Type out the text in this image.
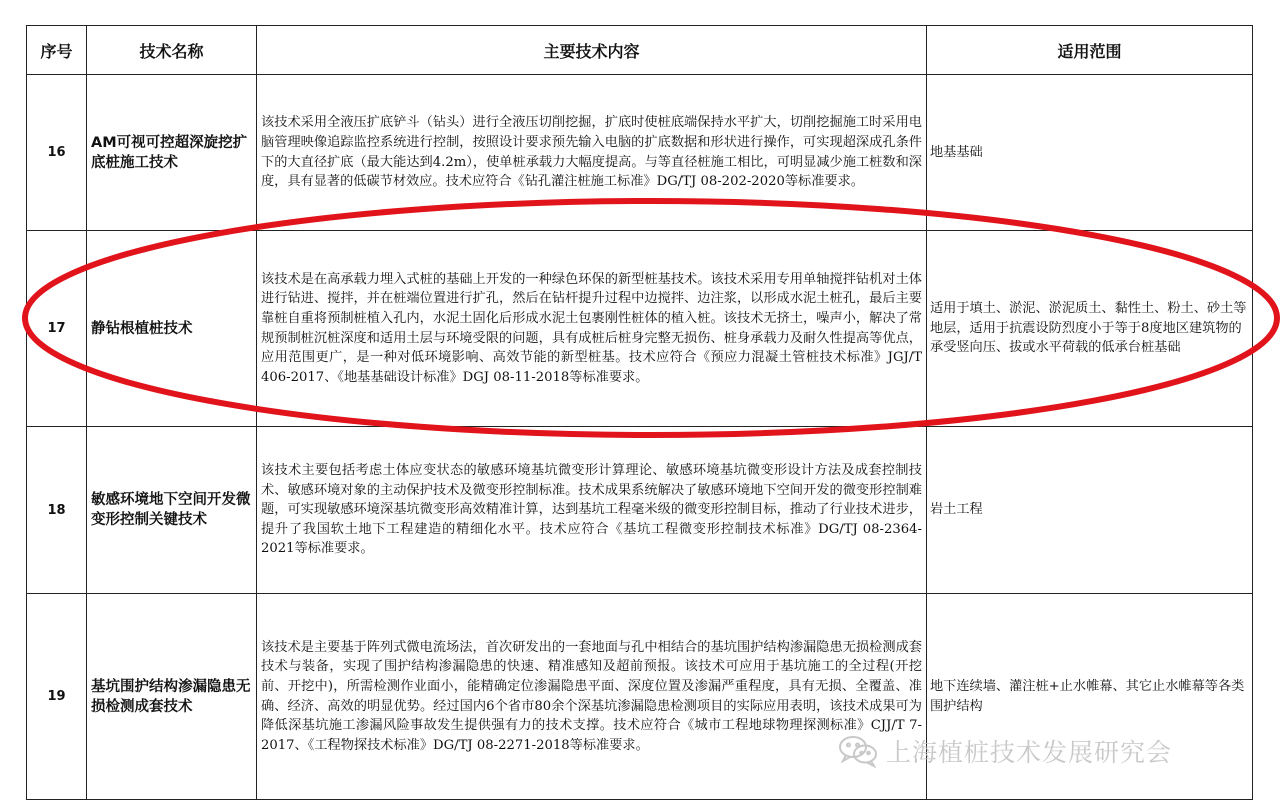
序号	技术名称	主要技术内容	适用范围
16	AM可视可控超深旋挖扩底桩施工技术	该技术采用全液压扩底铲斗（钻头）进行全液压切削挖掘，扩底时使桩底端保持水平扩大，切削挖掘施工时采用电脑管理映像追踪监控系统进行控制，按照设计要求预先输入电脑的扩底数据和形状进行操作，可实现超深成孔条件下的大直径扩底（最大能达到4.2m），使单桩承载力大幅度提高。与等直径桩施工相比，可明显减少施工桩数和深度，具有显著的低碳节材效应。技术应符合《钻孔灌注桩施工标准》DG/TJ 08-202-2020等标准要求。	地基基础
17	静钻根植桩技术	该技术是在高承载力埋入式桩的基础上开发的一种绿色环保的新型桩基技术。该技术采用专用单轴搅拌钻机对土体进行钻进、搅拌，并在桩端位置进行扩孔，然后在钻杆提升过程中边搅拌、边注浆，以形成水泥土桩孔，最后主要靠桩自重将预制桩植入孔内，水泥土固化后形成水泥土包裹刚性桩体的植入桩。该技术无挤土，噪声小，解决了常规预制桩沉桩深度和适用土层与环境受限的问题，具有成桩后桩身完整无损伤、桩身承载力及耐久性提高等优点，应用范围更广，是一种对低环境影响、高效节能的新型桩基。技术应符合《预应力混凝土管桩技术标准》JGJ/T 406-2017、《地基基础设计标准》DGJ 08-11-2018等标准要求。	适用于填土、淤泥、淤泥质土、黏性土、粉土、砂土等地层，适用于抗震设防烈度小于等于8度地区建筑物的承受竖向压、拔或水平荷载的低承台桩基础
18	敏感环境地下空间开发微变形控制关键技术	该技术主要包括考虑土体应变状态的敏感环境基坑微变形计算理论、敏感环境基坑微变形设计方法及成套控制技术、敏感环境对象的主动保护技术及微变形控制标准。技术成果系统解决了敏感环境地下空间开发的微变形控制难题，可实现敏感环境深基坑微变形高效精准计算，达到基坑工程毫米级的微变形控制目标，推动了行业技术进步，提升了我国软土地下工程建造的精细化水平。技术应符合《基坑工程微变形控制技术标准》DG/TJ 08-2364-2021等标准要求。	岩土工程
19	基坑围护结构渗漏隐患无损检测成套技术	该技术是主要基于阵列式微电流场法，首次研发出的一套地面与孔中相结合的基坑围护结构渗漏隐患无损检测成套技术与装备，实现了围护结构渗漏隐患的快速、精准感知及超前预报。该技术可应用于基坑施工的全过程(开挖前、开挖中)，所需检测作业面小，能精确定位渗漏隐患平面、深度位置及渗漏严重程度，具有无损、全覆盖、准确、经济、高效的明显优势。经过国内6个省市80余个深基坑渗漏隐患检测项目的实际应用表明，该技术成果可为降低深基坑施工渗漏风险事故发生提供强有力的技术支撑。技术应符合《城市工程地球物理探测标准》CJJ/T 7-2017、《工程物探技术标准》DG/TJ 08-2271-2018等标准要求。	地下连续墙、灌注桩+止水帷幕、其它止水帷幕等各类围护结构
上海植桩技术发展研究会
